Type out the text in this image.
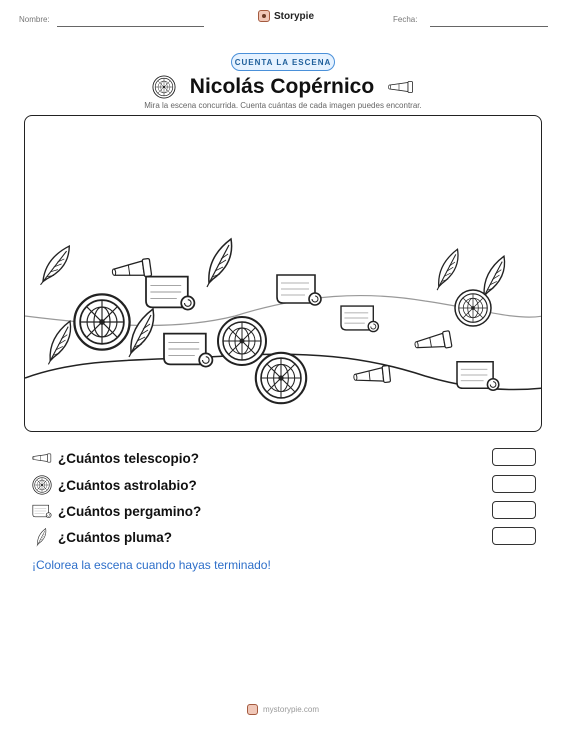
Nombre:	Storypie	Fecha:
CUENTA LA ESCENA
Nicolás Copérnico
Mira la escena concurrida. Cuenta cuántas de cada imagen puedes encontrar.
¿Cuántos telescopio?
¿Cuántos astrolabio?
¿Cuántos pergamino?
¿Cuántos pluma?
¡Colorea la escena cuando hayas terminado!
mystorypie.com
